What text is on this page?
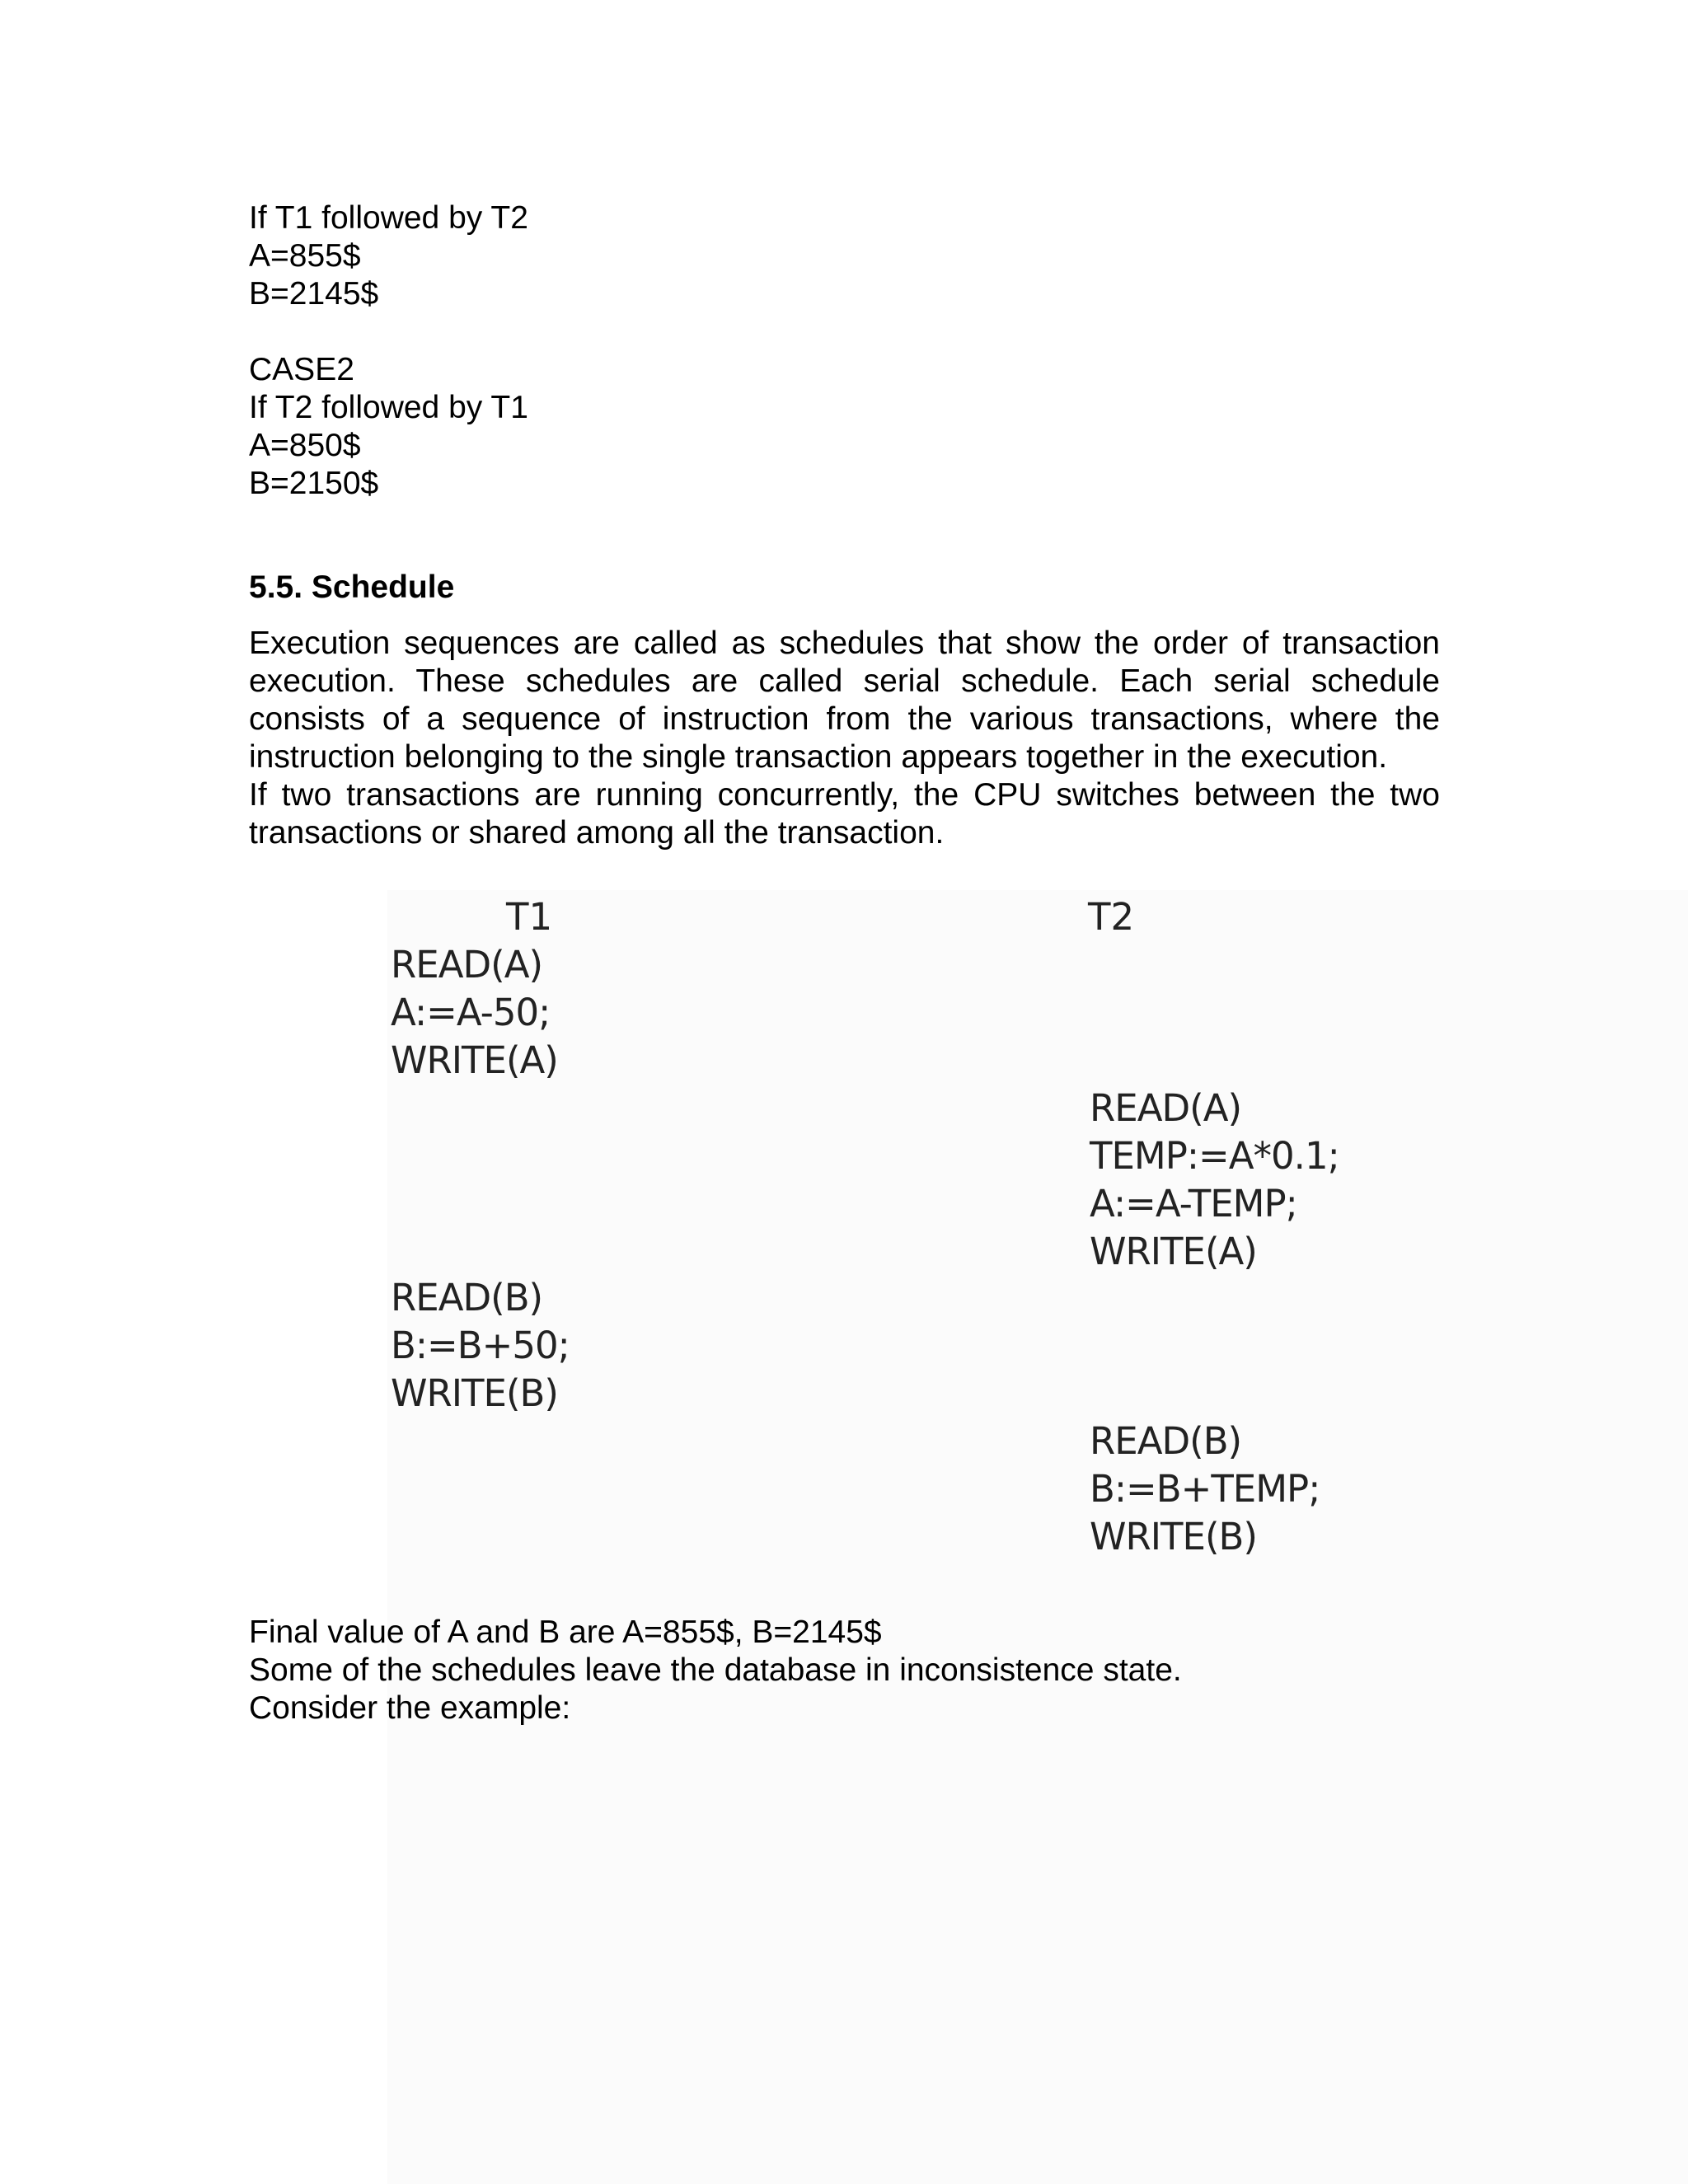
If T1 followed by T2
A=855$
B=2145$
CASE2
If T2 followed by T1
A=850$
B=2150$
5.5. Schedule

Execution sequences are called as schedules that show the order of transaction execution. These schedules are called serial schedule. Each serial schedule consists of a sequence of instruction from the various transactions, where the instruction belonging to the single transaction appears together in the execution.

If two transactions are running concurrently, the CPU switches between the two transactions or shared among all the transaction.

T1	T2
READ(A)
A:=A-50;
WRITE(A)
READ(A)
TEMP:=A*0.1;
A:=A-TEMP;
WRITE(A)
READ(B)
B:=B+50;
WRITE(B)
READ(B)
B:=B+TEMP;
WRITE(B)
Final value of A and B are A=855$, B=2145$
Some of the schedules leave the database in inconsistence state.
Consider the example:
